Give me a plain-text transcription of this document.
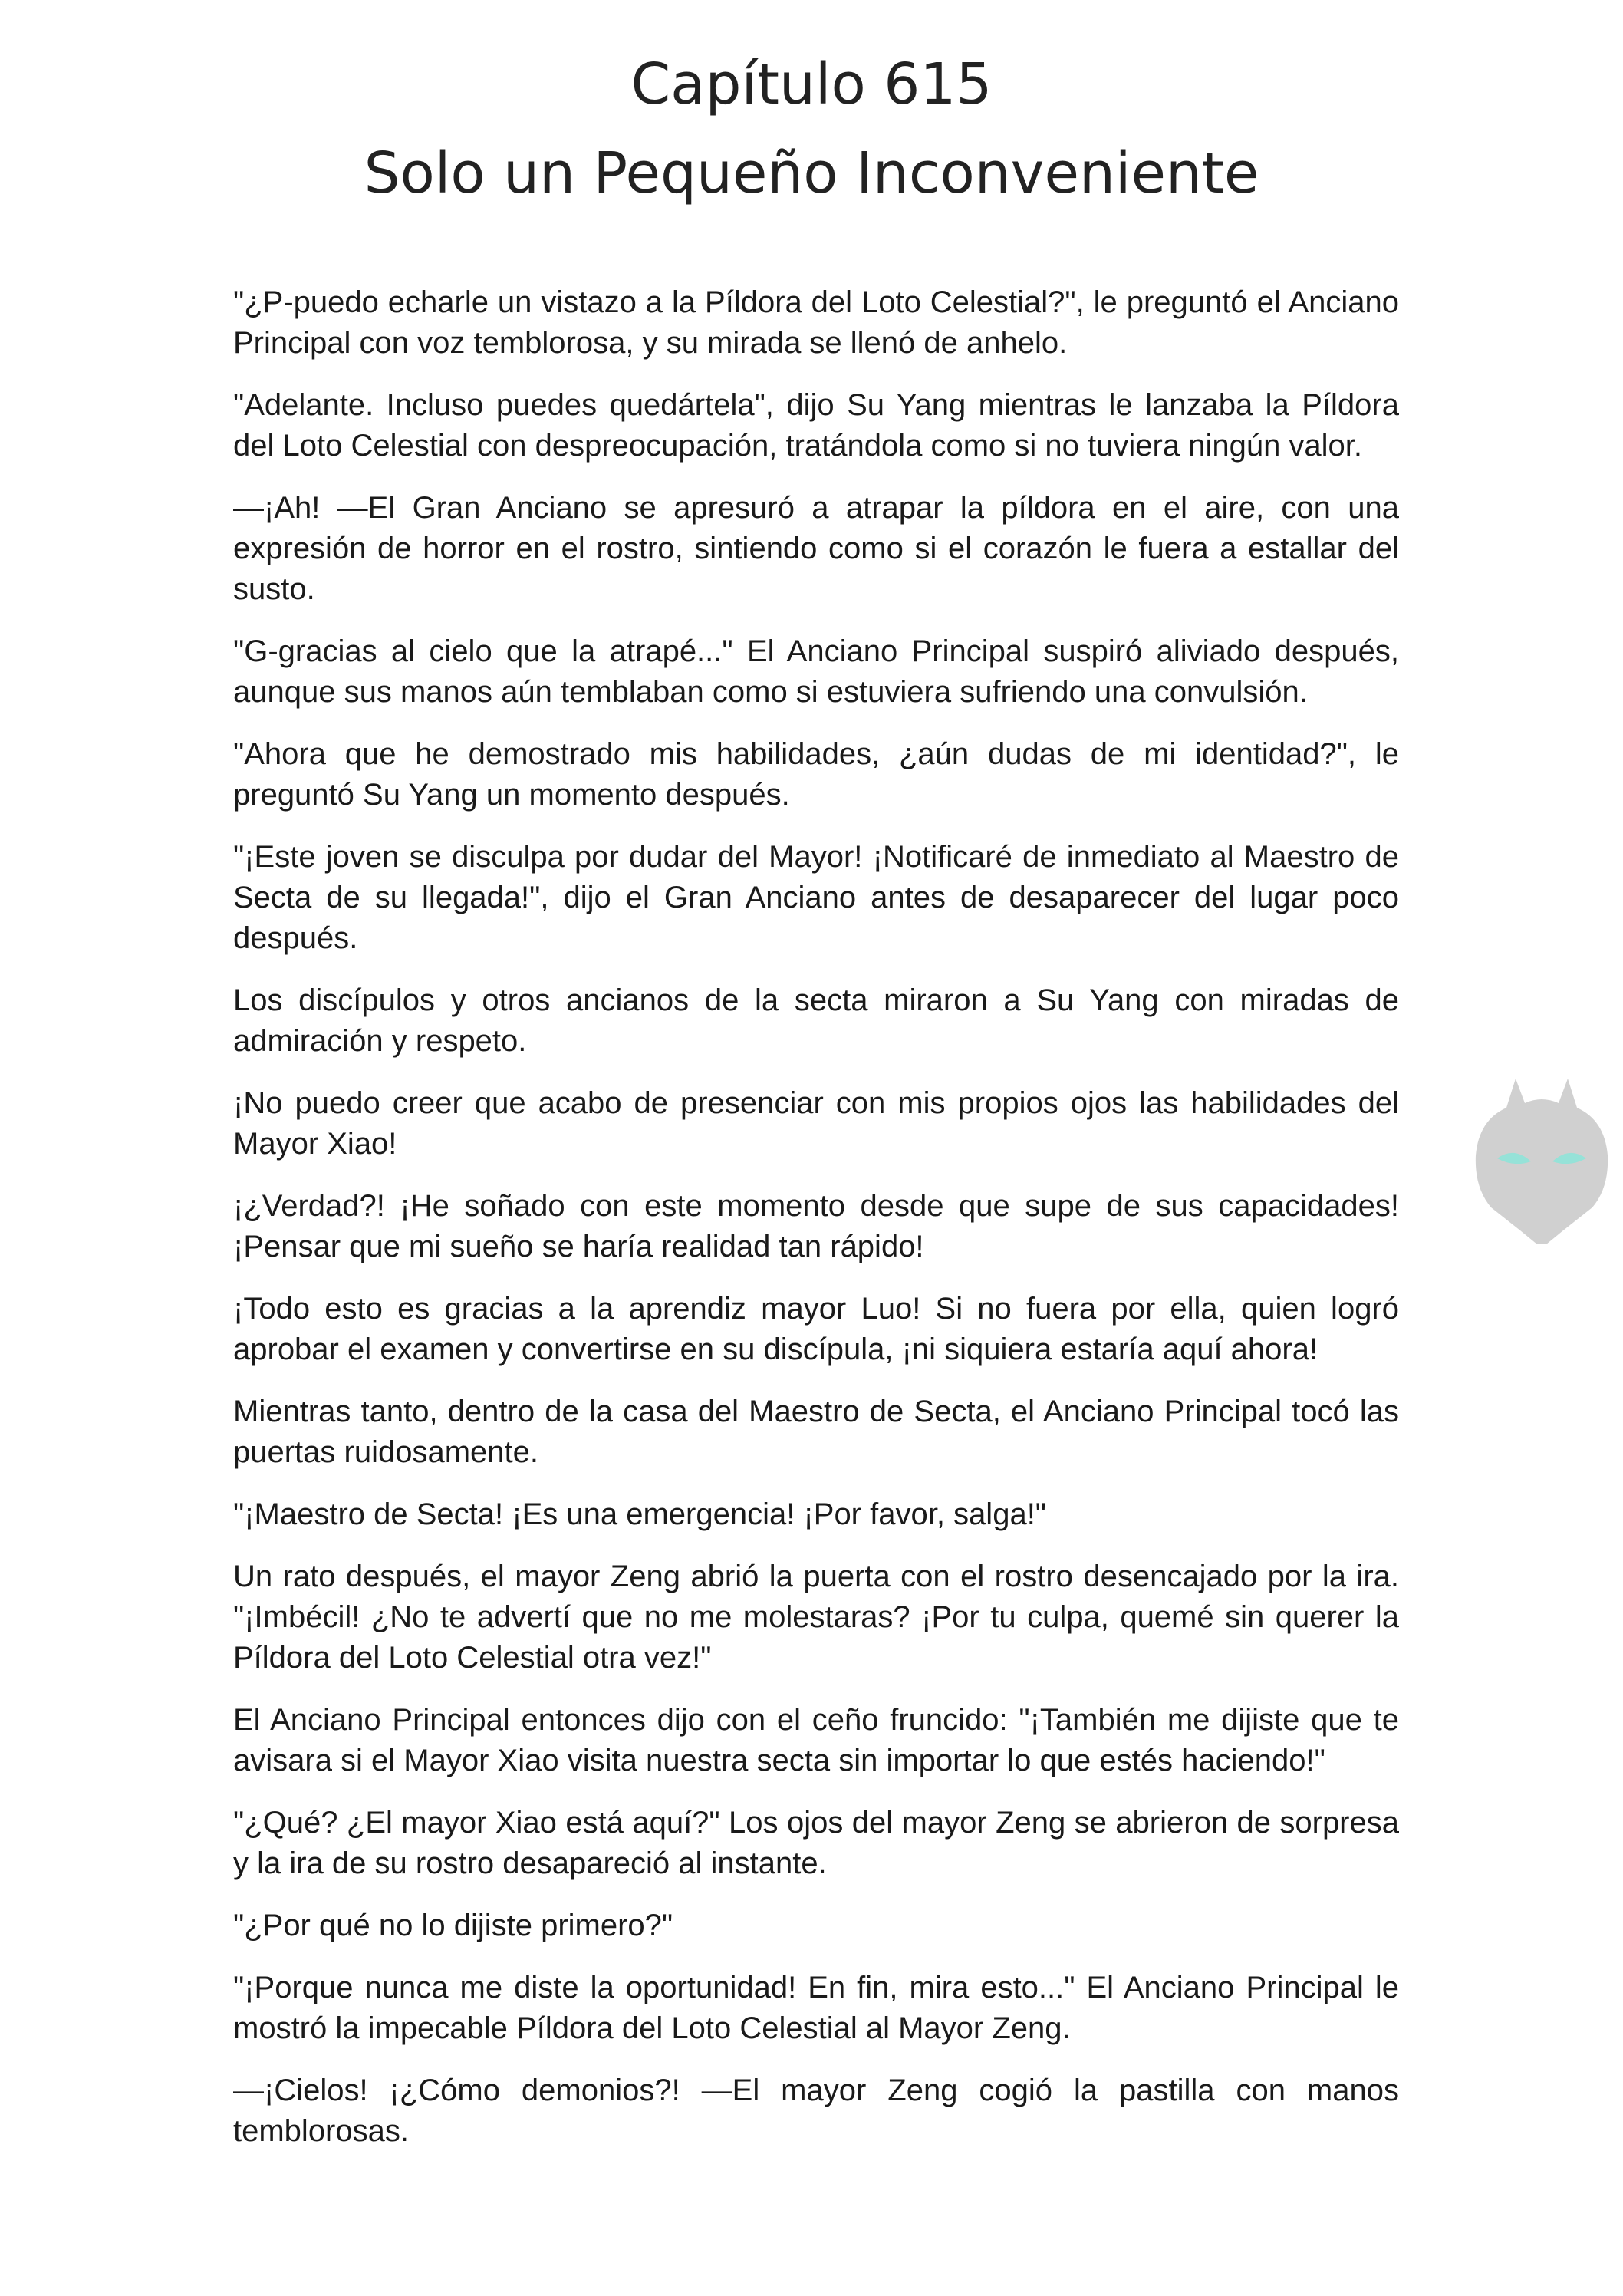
Capítulo 615
Solo un Pequeño Inconveniente

"¿P-puedo echarle un vistazo a la Píldora del Loto Celestial?", le preguntó el Anciano Principal con voz temblorosa, y su mirada se llenó de anhelo.

"Adelante. Incluso puedes quedártela", dijo Su Yang mientras le lanzaba la Píldora del Loto Celestial con despreocupación, tratándola como si no tuviera ningún valor.

—¡Ah! —El Gran Anciano se apresuró a atrapar la píldora en el aire, con una expresión de horror en el rostro, sintiendo como si el corazón le fuera a estallar del susto.

"G-gracias al cielo que la atrapé..." El Anciano Principal suspiró aliviado después, aunque sus manos aún temblaban como si estuviera sufriendo una convulsión.

"Ahora que he demostrado mis habilidades, ¿aún dudas de mi identidad?", le preguntó Su Yang un momento después.

"¡Este joven se disculpa por dudar del Mayor! ¡Notificaré de inmediato al Maestro de Secta de su llegada!", dijo el Gran Anciano antes de desaparecer del lugar poco después.

Los discípulos y otros ancianos de la secta miraron a Su Yang con miradas de admiración y respeto.

¡No puedo creer que acabo de presenciar con mis propios ojos las habilidades del Mayor Xiao!

¡¿Verdad?! ¡He soñado con este momento desde que supe de sus capacidades! ¡Pensar que mi sueño se haría realidad tan rápido!

¡Todo esto es gracias a la aprendiz mayor Luo! Si no fuera por ella, quien logró aprobar el examen y convertirse en su discípula, ¡ni siquiera estaría aquí ahora!

Mientras tanto, dentro de la casa del Maestro de Secta, el Anciano Principal tocó las puertas ruidosamente.

"¡Maestro de Secta! ¡Es una emergencia! ¡Por favor, salga!"

Un rato después, el mayor Zeng abrió la puerta con el rostro desencajado por la ira. "¡Imbécil! ¿No te advertí que no me molestaras? ¡Por tu culpa, quemé sin querer la Píldora del Loto Celestial otra vez!"

El Anciano Principal entonces dijo con el ceño fruncido: "¡También me dijiste que te avisara si el Mayor Xiao visita nuestra secta sin importar lo que estés haciendo!"

"¿Qué? ¿El mayor Xiao está aquí?" Los ojos del mayor Zeng se abrieron de sorpresa y la ira de su rostro desapareció al instante.

"¿Por qué no lo dijiste primero?"

"¡Porque nunca me diste la oportunidad! En fin, mira esto..." El Anciano Principal le mostró la impecable Píldora del Loto Celestial al Mayor Zeng.

—¡Cielos! ¡¿Cómo demonios?! —El mayor Zeng cogió la pastilla con manos temblorosas.
